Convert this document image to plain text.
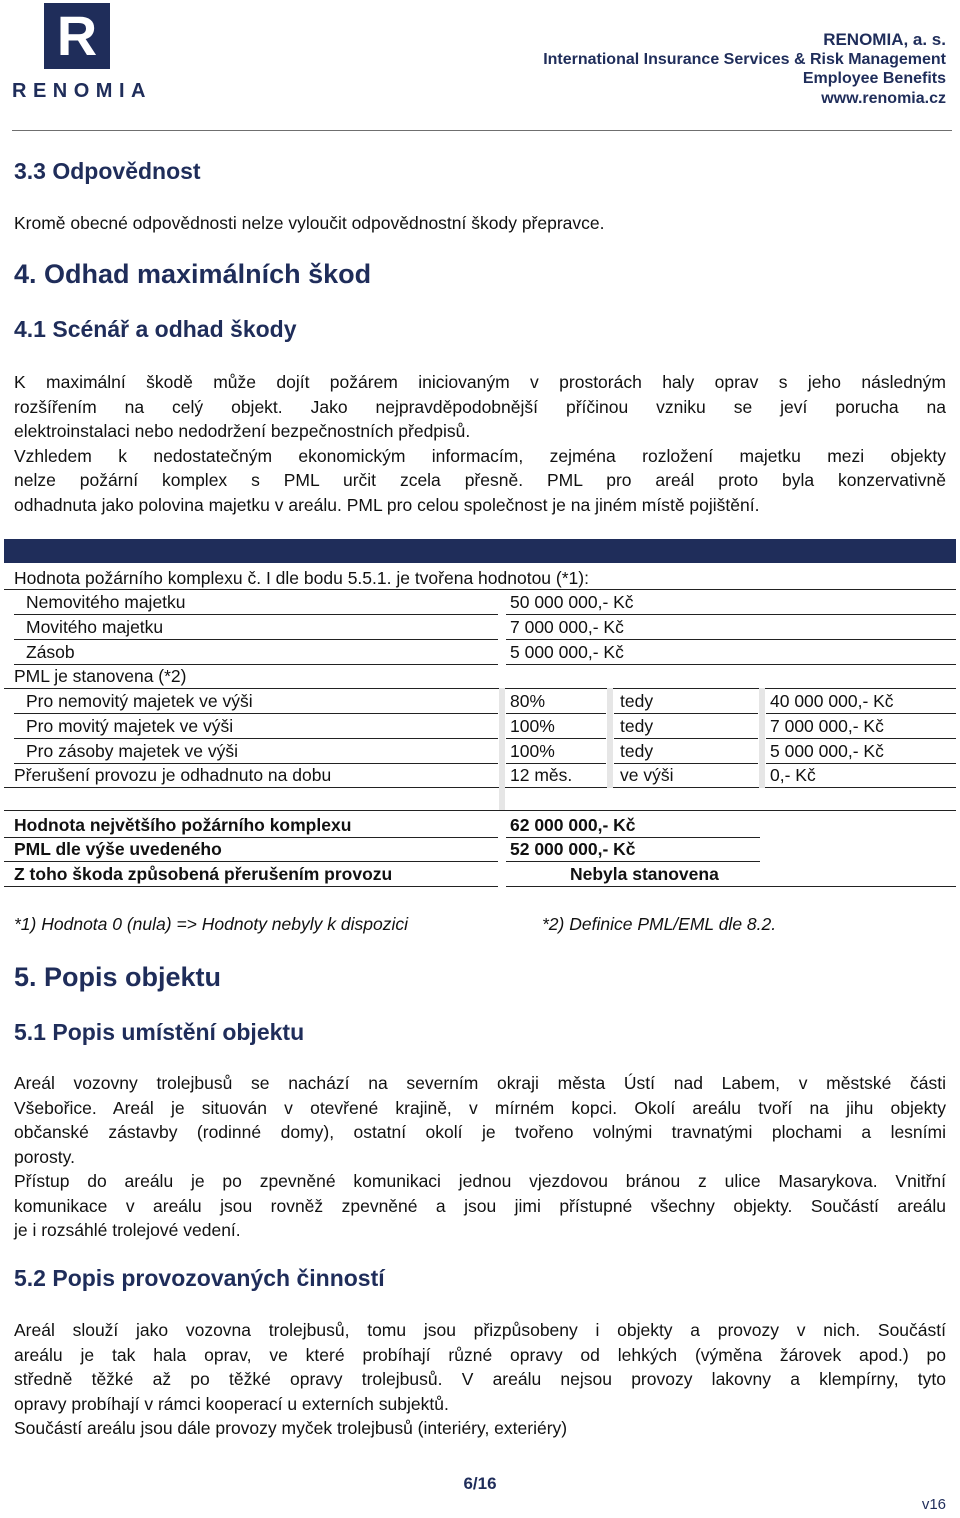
R
RENOMIA
RENOMIA, a. s.
International Insurance Services & Risk Management
Employee Benefits
www.renomia.cz
3.3 Odpovědnost
Kromě obecné odpovědnosti nelze vyloučit odpovědnostní škody přepravce.
4. Odhad maximálních škod
4.1 Scénář a odhad škody
K maximální škodě může dojít požárem iniciovaným v prostorách haly oprav s jeho následným
rozšířením na celý objekt. Jako nejpravděpodobnější příčinou vzniku se jeví porucha na
elektroinstalaci nebo nedodržení bezpečnostních předpisů.
Vzhledem k nedostatečným ekonomickým informacím, zejména rozložení majetku mezi objekty
nelze požární komplex s PML určit zcela přesně. PML pro areál proto byla konzervativně
odhadnuta jako polovina majetku v areálu. PML pro celou společnost je na jiném místě pojištění.
Hodnota požárního komplexu č. I dle bodu 5.5.1. je tvořena hodnotou (*1):
Nemovitého majetku	50 000 000,- Kč
Movitého majetku	7 000 000,- Kč
Zásob	5 000 000,- Kč
PML je stanovena (*2)
Pro nemovitý majetek ve výši	80%	tedy	40 000 000,- Kč
Pro movitý majetek ve výši	100%	tedy	7 000 000,- Kč
Pro zásoby majetek ve výši	100%	tedy	5 000 000,- Kč
Přerušení provozu je odhadnuto na dobu	12 měs.	ve výši	0,- Kč
Hodnota největšího požárního komplexu	62 000 000,- Kč
PML dle výše uvedeného	52 000 000,- Kč
Z toho škoda způsobená přerušením provozu	Nebyla stanovena
*1) Hodnota 0 (nula) => Hodnoty nebyly k dispozici	*2) Definice PML/EML dle 8.2.
5. Popis objektu
5.1 Popis umístění objektu
Areál vozovny trolejbusů se nachází na severním okraji města Ústí nad Labem, v městské části
Všebořice. Areál je situován v otevřené krajině, v mírném kopci. Okolí areálu tvoří na jihu objekty
občanské zástavby (rodinné domy), ostatní okolí je tvořeno volnými travnatými plochami a lesními
porosty.
Přístup do areálu je po zpevněné komunikaci jednou vjezdovou bránou z ulice Masarykova. Vnitřní
komunikace v areálu jsou rovněž zpevněné a jsou jimi přístupné všechny objekty. Součástí areálu
je i rozsáhlé trolejové vedení.
5.2 Popis provozovaných činností
Areál slouží jako vozovna trolejbusů, tomu jsou přizpůsobeny i objekty a provozy v nich. Součástí
areálu je tak hala oprav, ve které probíhají různé opravy od lehkých (výměna žárovek apod.) po
středně těžké až po těžké opravy trolejbusů. V areálu nejsou provozy lakovny a klempírny, tyto
opravy probíhají v rámci kooperací u externích subjektů.
Součástí areálu jsou dále provozy myček trolejbusů (interiéry, exteriéry)
6/16
v16
